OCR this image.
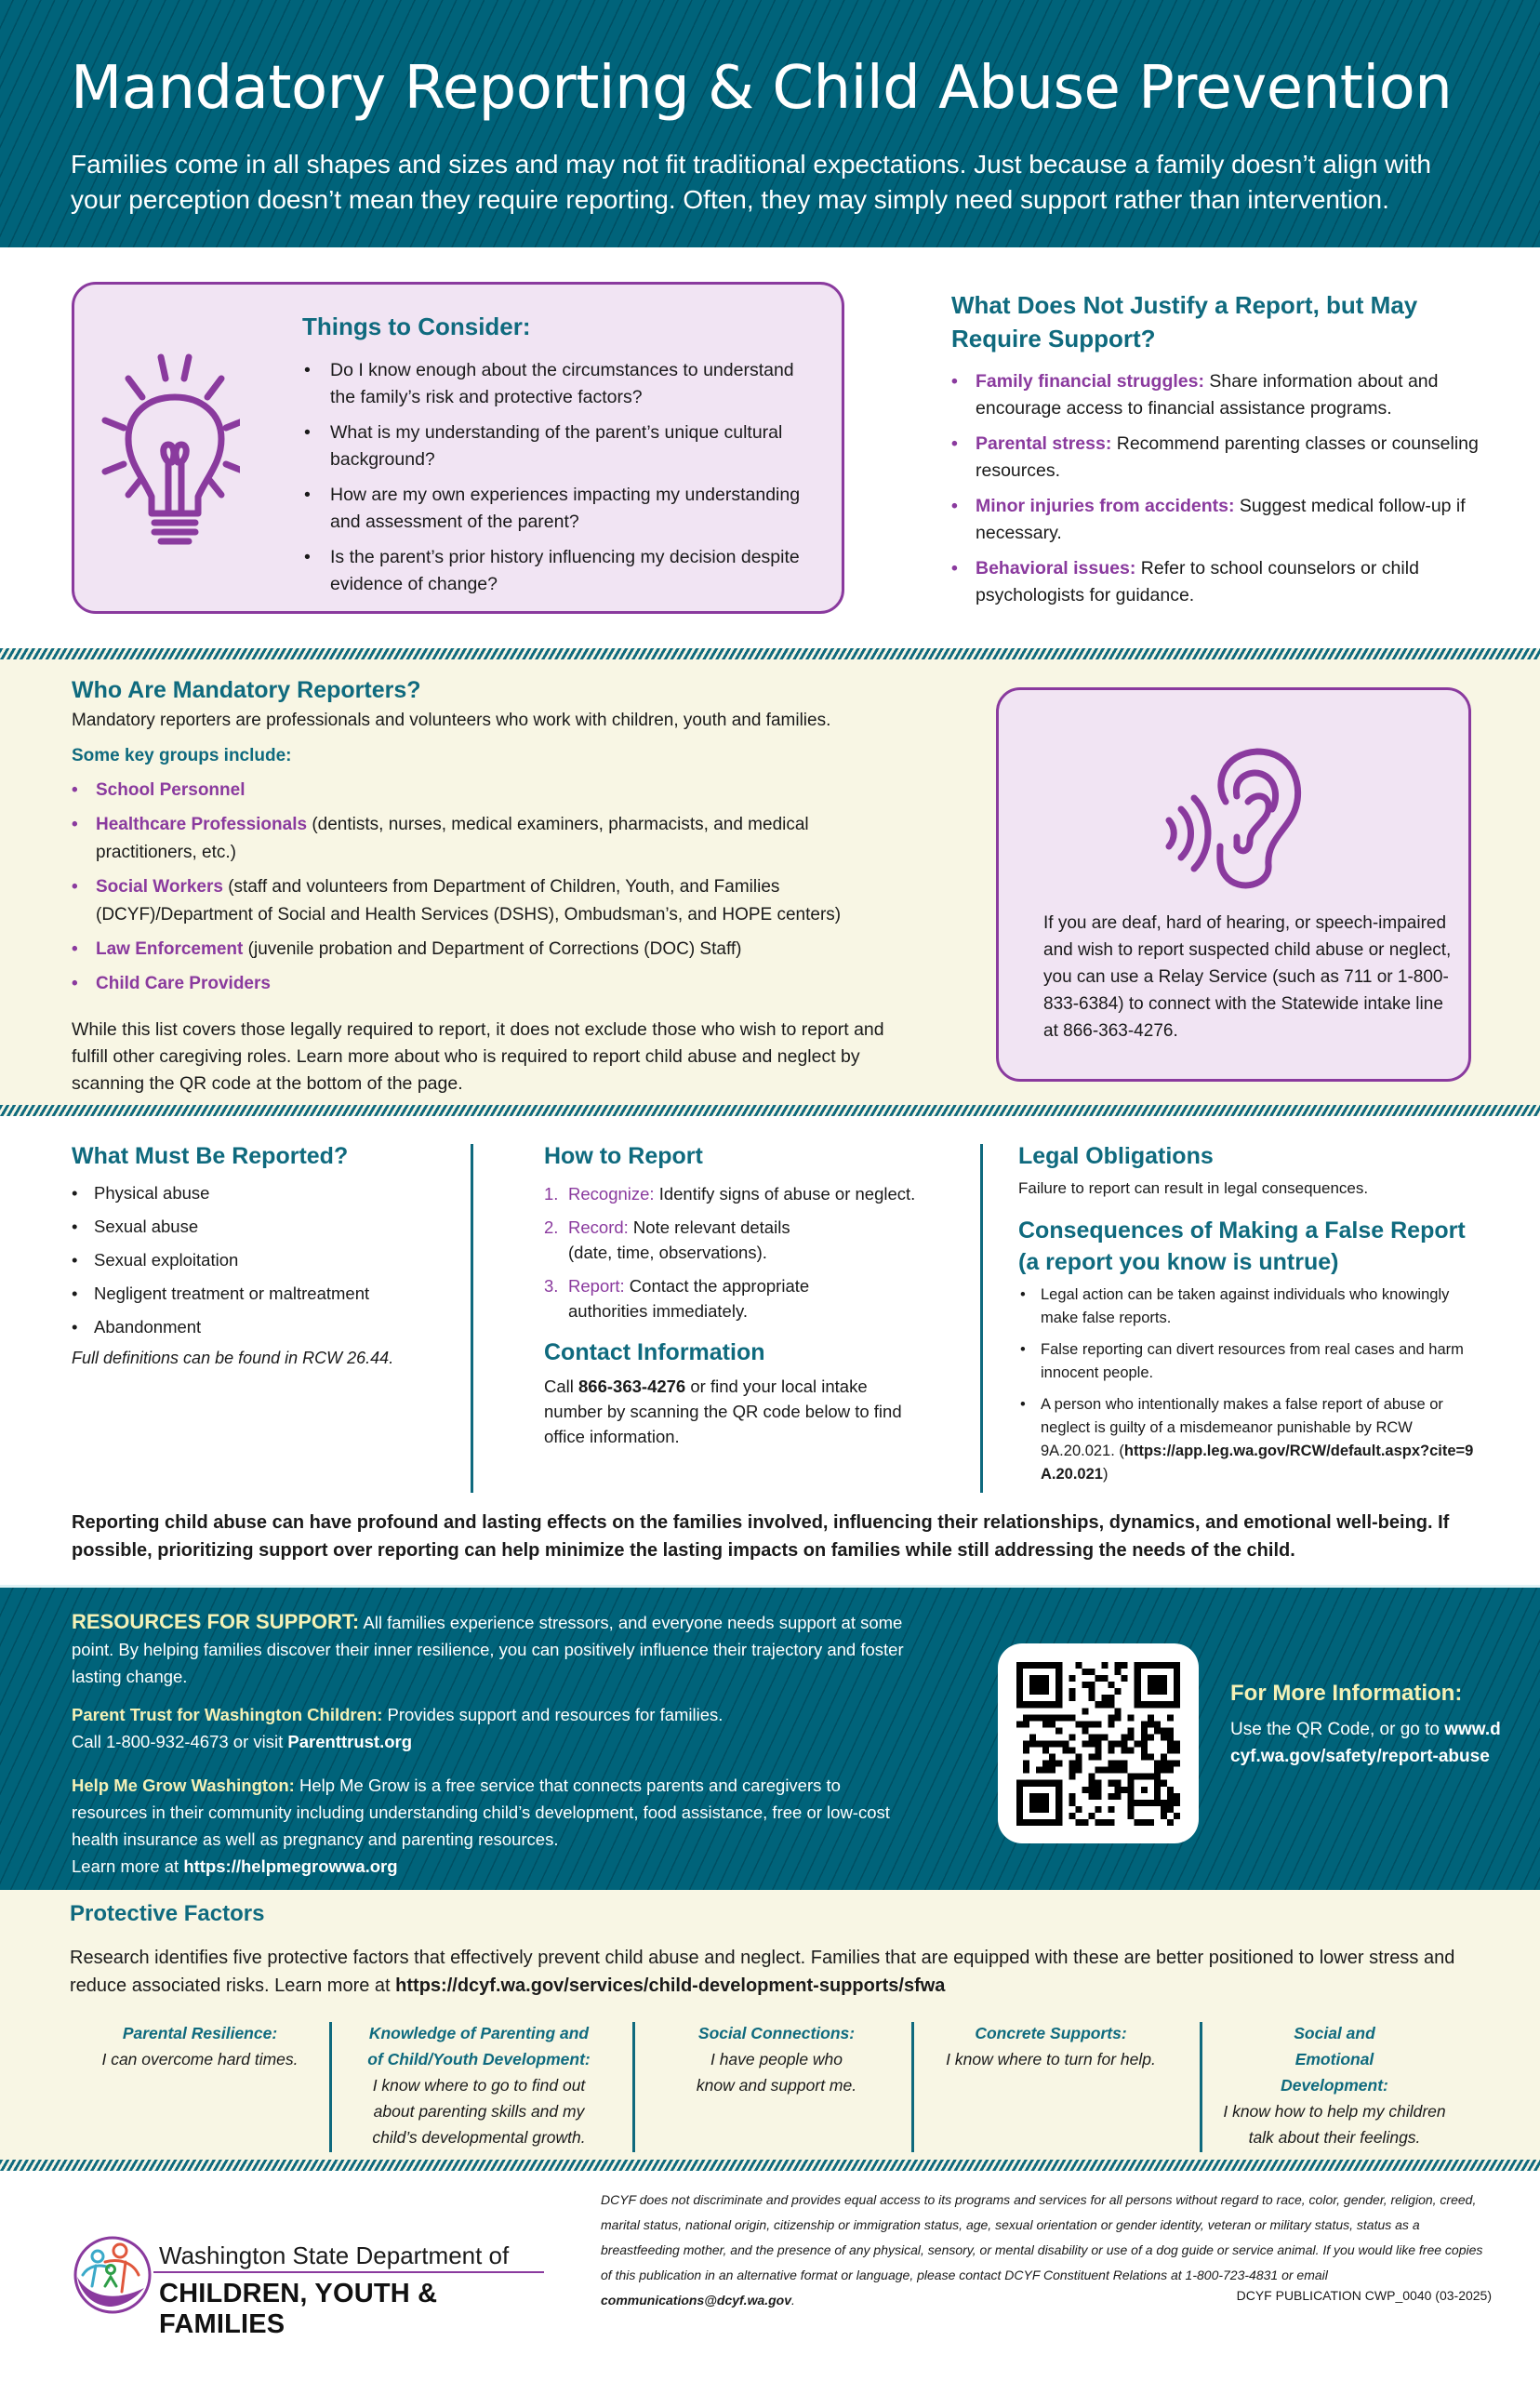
Mandatory Reporting & Child Abuse Prevention

Families come in all shapes and sizes and may not fit traditional expectations. Just because a family doesn’t align with your perception doesn’t mean they require reporting. Often, they may simply need support rather than intervention.

Things to Consider:
• Do I know enough about the circumstances to understand the family’s risk and protective factors?
• What is my understanding of the parent’s unique cultural background?
• How are my own experiences impacting my understanding and assessment of the parent?
• Is the parent’s prior history influencing my decision despite evidence of change?
What Does Not Justify a Report, but May Require Support?
• Family financial struggles: Share information about and encourage access to financial assistance programs.
• Parental stress: Recommend parenting classes or counseling resources.
• Minor injuries from accidents: Suggest medical follow-up if necessary.
• Behavioral issues: Refer to school counselors or child psychologists for guidance.
Who Are Mandatory Reporters?

Mandatory reporters are professionals and volunteers who work with children, youth and families.

Some key groups include:

• School Personnel
• Healthcare Professionals (dentists, nurses, medical examiners, pharmacists, and medical practitioners, etc.)
• Social Workers (staff and volunteers from Department of Children, Youth, and Families (DCYF)/Department of Social and Health Services (DSHS), Ombudsman’s, and HOPE centers)
• Law Enforcement (juvenile probation and Department of Corrections (DOC) Staff)
• Child Care Providers

While this list covers those legally required to report, it does not exclude those who wish to report and fulfill other caregiving roles. Learn more about who is required to report child abuse and neglect by scanning the QR code at the bottom of the page.

If you are deaf, hard of hearing, or speech-impaired and wish to report suspected child abuse or neglect, you can use a Relay Service (such as 711 or 1-800-833-6384) to connect with the Statewide intake line at 866-363-4276.

What Must Be Reported?
• Physical abuse
• Sexual abuse
• Sexual exploitation
• Negligent treatment or maltreatment
• Abandonment

Full definitions can be found in RCW 26.44.

How to Report
1. Recognize: Identify signs of abuse or neglect.
2. Record: Note relevant details (date, time, observations).
3. Report: Contact the appropriate authorities immediately.
Contact Information

Call 866-363-4276 or find your local intake number by scanning the QR code below to find office information.

Legal Obligations

Failure to report can result in legal consequences.

Consequences of Making a False Report (a report you know is untrue)
• Legal action can be taken against individuals who knowingly make false reports.
• False reporting can divert resources from real cases and harm innocent people.
• A person who intentionally makes a false report of abuse or neglect is guilty of a misdemeanor punishable by RCW 9A.20.021. (https://app.leg.wa.gov/RCW/default.aspx?cite=9A.20.021)

Reporting child abuse can have profound and lasting effects on the families involved, influencing their relationships, dynamics, and emotional well-being. If possible, prioritizing support over reporting can help minimize the lasting impacts on families while still addressing the needs of the child.

RESOURCES FOR SUPPORT: All families experience stressors, and everyone needs support at some point. By helping families discover their inner resilience, you can positively influence their trajectory and foster lasting change.

Parent Trust for Washington Children: Provides support and resources for families.
Call 1-800-932-4673 or visit Parenttrust.org

Help Me Grow Washington: Help Me Grow is a free service that connects parents and caregivers to resources in their community including understanding child’s development, food assistance, free or low-cost health insurance as well as pregnancy and parenting resources.
Learn more at https://helpmegrowwa.org

For More Information:

Use the QR Code, or go to www.dcyf.wa.gov/safety/report-abuse

Protective Factors

Research identifies five protective factors that effectively prevent child abuse and neglect. Families that are equipped with these are better positioned to lower stress and reduce associated risks. Learn more at https://dcyf.wa.gov/services/child-development-supports/sfwa

Parental Resilience:
I can overcome hard times.
Knowledge of Parenting and of Child/Youth Development:
I know where to go to find out about parenting skills and my child’s developmental growth.
Social Connections:
I have people who know and support me.
Concrete Supports:
I know where to turn for help.
Social and Emotional Development:
I know how to help my children talk about their feelings.
Washington State Department of
CHILDREN, YOUTH & FAMILIES

DCYF does not discriminate and provides equal access to its programs and services for all persons without regard to race, color, gender, religion, creed, marital status, national origin, citizenship or immigration status, age, sexual orientation or gender identity, veteran or military status, status as a breastfeeding mother, and the presence of any physical, sensory, or mental disability or use of a dog guide or service animal. If you would like free copies of this publication in an alternative format or language, please contact DCYF Constituent Relations at 1-800-723-4831 or email communications@dcyf.wa.gov.	DCYF PUBLICATION CWP_0040 (03-2025)
